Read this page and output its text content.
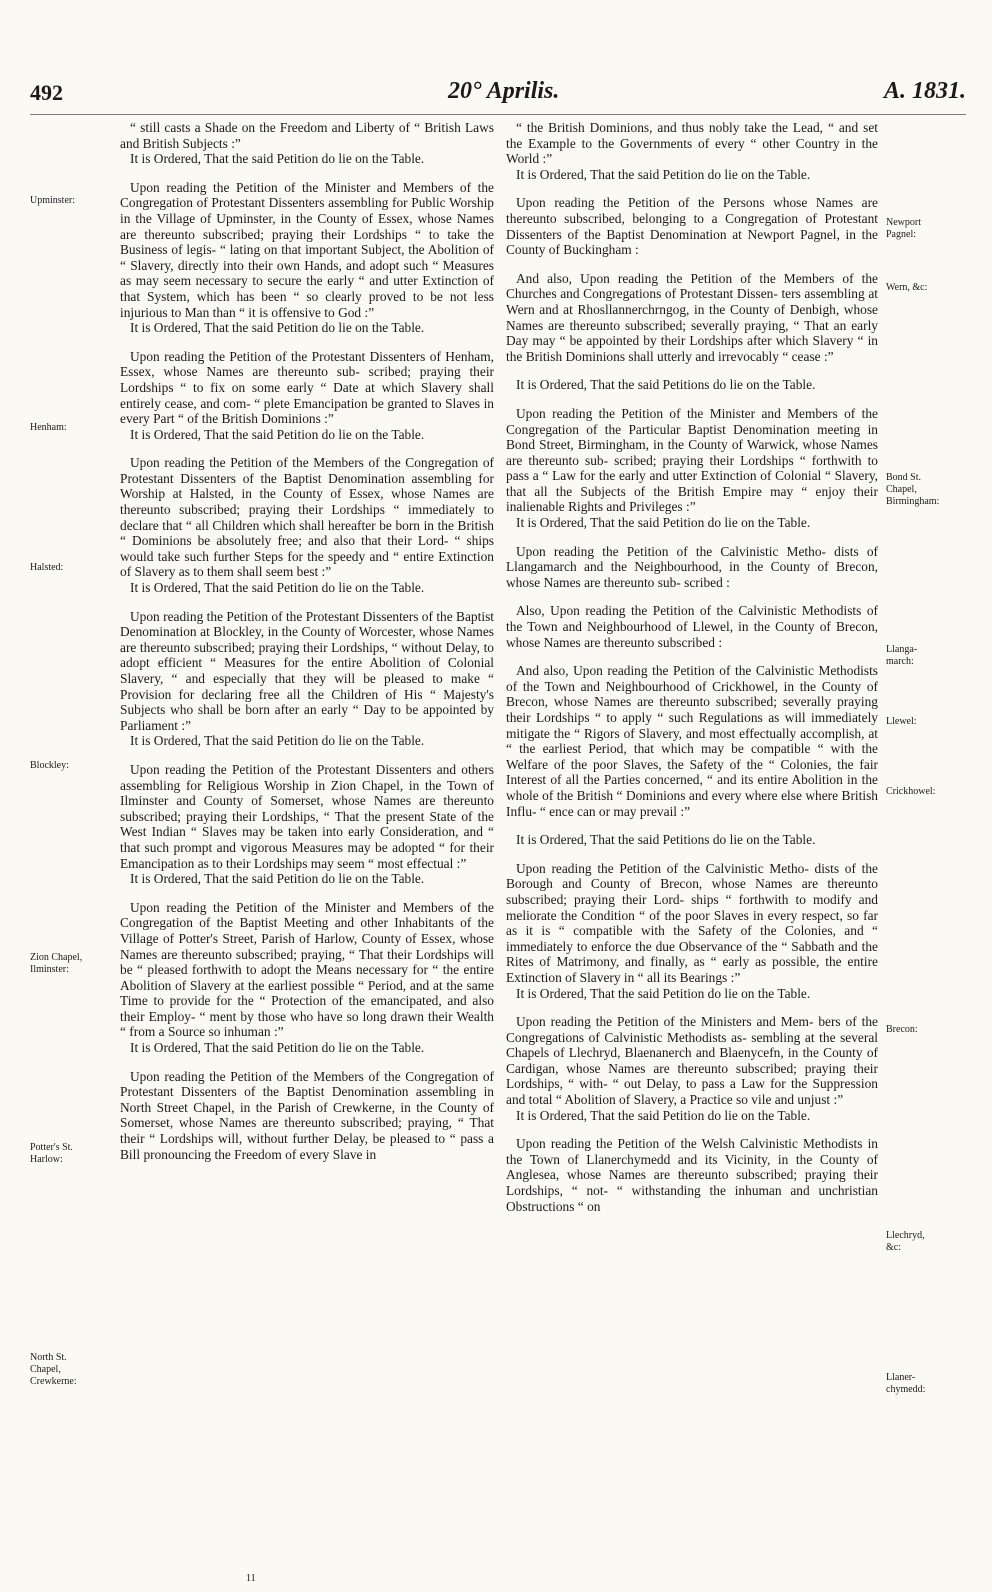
492	20° Aprilis.	A. 1831.
Upminster:
Henham:
Halsted:
Blockley:
Zion Chapel,
Ilminster:
Potter's St.
Harlow:
North St.
Chapel,
Crewkerne:

“ still casts a Shade on the Freedom and Liberty of “ British Laws and British Subjects :”

It is Ordered, That the said Petition do lie on the Table.

Upon reading the Petition of the Minister and Members of the Congregation of Protestant Dissenters assembling for Public Worship in the Village of Upminster, in the County of Essex, whose Names are thereunto subscribed; praying their Lordships “ to take the Business of legis- “ lating on that important Subject, the Abolition of “ Slavery, directly into their own Hands, and adopt such “ Measures as may seem necessary to secure the early “ and utter Extinction of that System, which has been “ so clearly proved to be not less injurious to Man than “ it is offensive to God :”

It is Ordered, That the said Petition do lie on the Table.

Upon reading the Petition of the Protestant Dissenters of Henham, Essex, whose Names are thereunto sub- scribed; praying their Lordships “ to fix on some early “ Date at which Slavery shall entirely cease, and com- “ plete Emancipation be granted to Slaves in every Part “ of the British Dominions :”

It is Ordered, That the said Petition do lie on the Table.

Upon reading the Petition of the Members of the Congregation of Protestant Dissenters of the Baptist Denomination assembling for Worship at Halsted, in the County of Essex, whose Names are thereunto subscribed; praying their Lordships “ immediately to declare that “ all Children which shall hereafter be born in the British “ Dominions be absolutely free; and also that their Lord- “ ships would take such further Steps for the speedy and “ entire Extinction of Slavery as to them shall seem best :”

It is Ordered, That the said Petition do lie on the Table.

Upon reading the Petition of the Protestant Dissenters of the Baptist Denomination at Blockley, in the County of Worcester, whose Names are thereunto subscribed; praying their Lordships, “ without Delay, to adopt efficient “ Measures for the entire Abolition of Colonial Slavery, “ and especially that they will be pleased to make “ Provision for declaring free all the Children of His “ Majesty's Subjects who shall be born after an early “ Day to be appointed by Parliament :”

It is Ordered, That the said Petition do lie on the Table.

Upon reading the Petition of the Protestant Dissenters and others assembling for Religious Worship in Zion Chapel, in the Town of Ilminster and County of Somerset, whose Names are thereunto subscribed; praying their Lordships, “ That the present State of the West Indian “ Slaves may be taken into early Consideration, and “ that such prompt and vigorous Measures may be adopted “ for their Emancipation as to their Lordships may seem “ most effectual :”

It is Ordered, That the said Petition do lie on the Table.

Upon reading the Petition of the Minister and Members of the Congregation of the Baptist Meeting and other Inhabitants of the Village of Potter's Street, Parish of Harlow, County of Essex, whose Names are thereunto subscribed; praying, “ That their Lordships will be “ pleased forthwith to adopt the Means necessary for “ the entire Abolition of Slavery at the earliest possible “ Period, and at the same Time to provide for the “ Protection of the emancipated, and also their Employ- “ ment by those who have so long drawn their Wealth “ from a Source so inhuman :”

It is Ordered, That the said Petition do lie on the Table.

Upon reading the Petition of the Members of the Congregation of Protestant Dissenters of the Baptist Denomination assembling in North Street Chapel, in the Parish of Crewkerne, in the County of Somerset, whose Names are thereunto subscribed; praying, “ That their “ Lordships will, without further Delay, be pleased to “ pass a Bill pronouncing the Freedom of every Slave in

“ the British Dominions, and thus nobly take the Lead, “ and set the Example to the Governments of every “ other Country in the World :”

It is Ordered, That the said Petition do lie on the Table.

Upon reading the Petition of the Persons whose Names are thereunto subscribed, belonging to a Congregation of Protestant Dissenters of the Baptist Denomination at Newport Pagnel, in the County of Buckingham :

And also, Upon reading the Petition of the Members of the Churches and Congregations of Protestant Dissen- ters assembling at Wern and at Rhosllannerchrngog, in the County of Denbigh, whose Names are thereunto subscribed; severally praying, “ That an early Day may “ be appointed by their Lordships after which Slavery “ in the British Dominions shall utterly and irrevocably “ cease :”

It is Ordered, That the said Petitions do lie on the Table.

Upon reading the Petition of the Minister and Members of the Congregation of the Particular Baptist Denomination meeting in Bond Street, Birmingham, in the County of Warwick, whose Names are thereunto sub- scribed; praying their Lordships “ forthwith to pass a “ Law for the early and utter Extinction of Colonial “ Slavery, that all the Subjects of the British Empire may “ enjoy their inalienable Rights and Privileges :”

It is Ordered, That the said Petition do lie on the Table.

Upon reading the Petition of the Calvinistic Metho- dists of Llangamarch and the Neighbourhood, in the County of Brecon, whose Names are thereunto sub- scribed :

Also, Upon reading the Petition of the Calvinistic Methodists of the Town and Neighbourhood of Llewel, in the County of Brecon, whose Names are thereunto subscribed :

And also, Upon reading the Petition of the Calvinistic Methodists of the Town and Neighbourhood of Crickhowel, in the County of Brecon, whose Names are thereunto subscribed; severally praying their Lordships “ to apply “ such Regulations as will immediately mitigate the “ Rigors of Slavery, and most effectually accomplish, at “ the earliest Period, that which may be compatible “ with the Welfare of the poor Slaves, the Safety of the “ Colonies, the fair Interest of all the Parties concerned, “ and its entire Abolition in the whole of the British “ Dominions and every where else where British Influ- “ ence can or may prevail :”

It is Ordered, That the said Petitions do lie on the Table.

Upon reading the Petition of the Calvinistic Metho- dists of the Borough and County of Brecon, whose Names are thereunto subscribed; praying their Lord- ships “ forthwith to modify and meliorate the Condition “ of the poor Slaves in every respect, so far as it is “ compatible with the Safety of the Colonies, and “ immediately to enforce the due Observance of the “ Sabbath and the Rites of Matrimony, and finally, as “ early as possible, the entire Extinction of Slavery in “ all its Bearings :”

It is Ordered, That the said Petition do lie on the Table.

Upon reading the Petition of the Ministers and Mem- bers of the Congregations of Calvinistic Methodists as- sembling at the several Chapels of Llechryd, Blaenanerch and Blaenycefn, in the County of Cardigan, whose Names are thereunto subscribed; praying their Lordships, “ with- “ out Delay, to pass a Law for the Suppression and total “ Abolition of Slavery, a Practice so vile and unjust :”

It is Ordered, That the said Petition do lie on the Table.

Upon reading the Petition of the Welsh Calvinistic Methodists in the Town of Llanerchymedd and its Vicinity, in the County of Anglesea, whose Names are thereunto subscribed; praying their Lordships, “ not- “ withstanding the inhuman and unchristian Obstructions “ on

Newport
Pagnel:
Wern, &c:
Bond St.
Chapel,
Birmingham:
Llanga-
march:
Llewel:
Crickhowel:
Brecon:
Llechryd,
&c:
Llaner-
chymedd:
11
